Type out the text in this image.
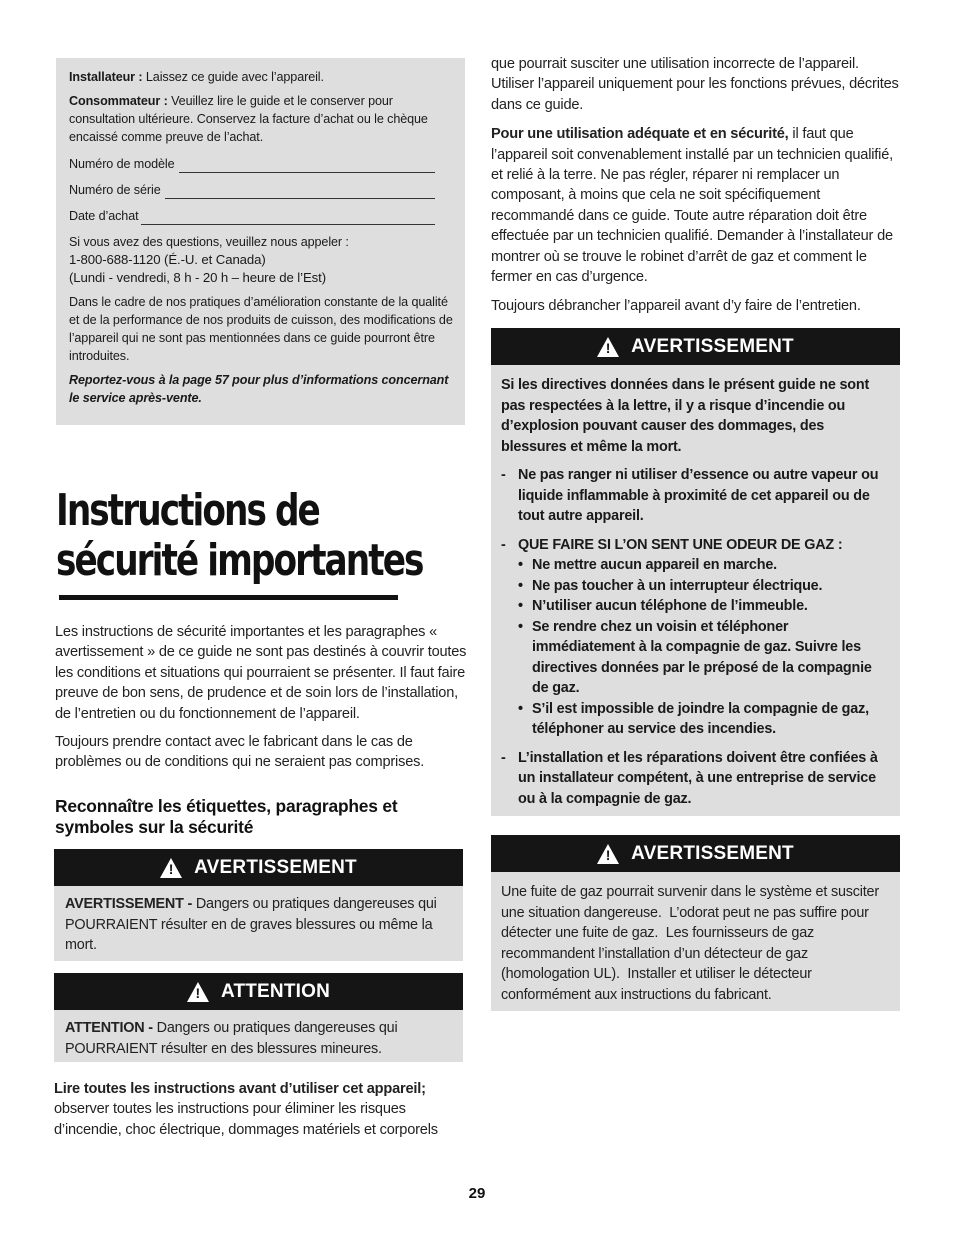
Installateur : Laissez ce guide avec l’appareil.

Consommateur : Veuillez lire le guide et le conserver pour consultation ultérieure. Conservez la facture d’achat ou le chèque encaissé comme preuve de l’achat.

Numéro de modèle
Numéro de série
Date d’achat

Si vous avez des questions, veuillez nous appeler :
1-800-688-1120 (É.-U. et Canada)
(Lundi - vendredi, 8 h - 20 h – heure de l’Est)

Dans le cadre de nos pratiques d’amélioration constante de la qualité et de la performance de nos produits de cuisson, des modifications de l’appareil qui ne sont pas mentionnées dans ce guide pourront être introduites.

Reportez-vous à la page 57 pour plus d’informations concernant le service après-vente.

Instructions de
sécurité importantes

Les instructions de sécurité importantes et les paragraphes « avertissement » de ce guide ne sont pas destinés à couvrir toutes les conditions et situations qui pourraient se présenter. Il faut faire preuve de bon sens, de prudence et de soin lors de l’installation, de l’entretien ou du fonctionnement de l’appareil.

Toujours prendre contact avec le fabricant dans le cas de problèmes ou de conditions qui ne seraient pas comprises.

Reconnaître les étiquettes, paragraphes et symboles sur la sécurité
! AVERTISSEMENT
AVERTISSEMENT - Dangers ou pratiques dangereuses qui POURRAIENT résulter en de graves blessures ou même la mort.
! ATTENTION
ATTENTION - Dangers ou pratiques dangereuses qui POURRAIENT résulter en des blessures mineures.
Lire toutes les instructions avant d’utiliser cet appareil;
observer toutes les instructions pour éliminer les risques d’incendie, choc électrique, dommages matériels et corporels

que pourrait susciter une utilisation incorrecte de l’appareil. Utiliser l’appareil uniquement pour les fonctions prévues, décrites dans ce guide.

Pour une utilisation adéquate et en sécurité, il faut que l’appareil soit convenablement installé par un technicien qualifié, et relié à la terre. Ne pas régler, réparer ni remplacer un composant, à moins que cela ne soit spécifiquement recommandé dans ce guide. Toute autre réparation doit être effectuée par un technicien qualifié. Demander à l’installateur de montrer où se trouve le robinet d’arrêt de gaz et comment le fermer en cas d’urgence.

Toujours débrancher l’appareil avant d’y faire de l’entretien.

! AVERTISSEMENT

Si les directives données dans le présent guide ne sont pas respectées à la lettre, il y a risque d’incendie ou d’explosion pouvant causer des dommages, des blessures et même la mort.

- Ne pas ranger ni utiliser d’essence ou autre vapeur ou liquide inflammable à proximité de cet appareil ou de tout autre appareil.
- QUE FAIRE SI L’ON SENT UNE ODEUR DE GAZ :
• Ne mettre aucun appareil en marche.
• Ne pas toucher à un interrupteur électrique.
• N’utiliser aucun téléphone de l’immeuble.
• Se rendre chez un voisin et téléphoner immédiatement à la compagnie de gaz. Suivre les directives données par le préposé de la compagnie de gaz.
• S’il est impossible de joindre la compagnie de gaz, téléphoner au service des incendies.
- L’installation et les réparations doivent être confiées à un installateur compétent, à une entreprise de service ou à la compagnie de gaz.
! AVERTISSEMENT

Une fuite de gaz pourrait survenir dans le système et susciter une situation dangereuse.  L’odorat peut ne pas suffire pour détecter une fuite de gaz.  Les fournisseurs de gaz recommandent l’installation d’un détecteur de gaz (homologation UL).  Installer et utiliser le détecteur conformément aux instructions du fabricant.

29
